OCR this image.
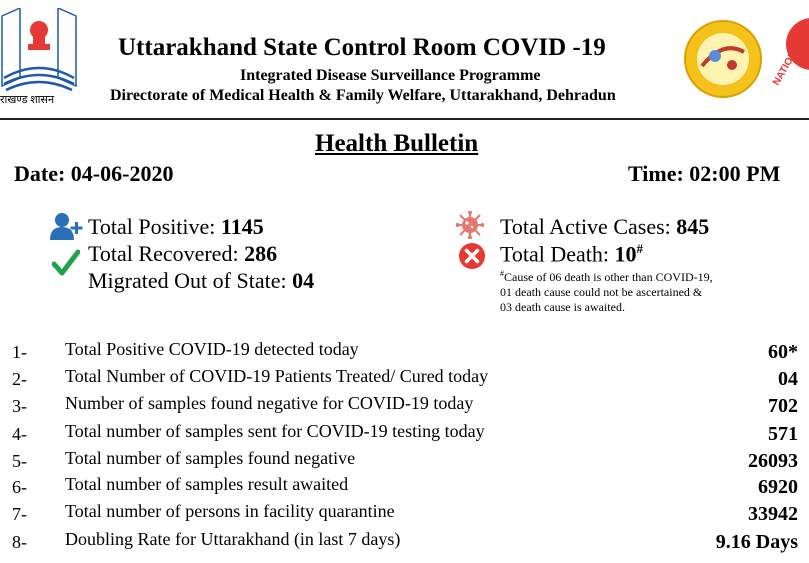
राखण्ड शासन
Uttarakhand State Control Room COVID -19
Integrated Disease Surveillance Programme
Directorate of Medical Health & Family Welfare, Uttarakhand, Dehradun
NATIONAL
Health Bulletin
Date: 04-06-2020	Time: 02:00 PM
Total Positive: 1145
Total Recovered: 286
Migrated Out of State: 04
Total Active Cases: 845
Total Death: 10#
#Cause of 06 death is other than COVID-19,
01 death cause could not be ascertained &
03 death cause is awaited.
1- Total Positive COVID-19 detected today	60*
2- Total Number of COVID-19 Patients Treated/ Cured today	04
3- Number of samples found negative for COVID-19 today	702
4- Total number of samples sent for COVID-19 testing today	571
5- Total number of samples found negative	26093
6- Total number of samples result awaited	6920
7- Total number of persons in facility quarantine	33942
8- Doubling Rate for Uttarakhand (in last 7 days)	9.16 Days
